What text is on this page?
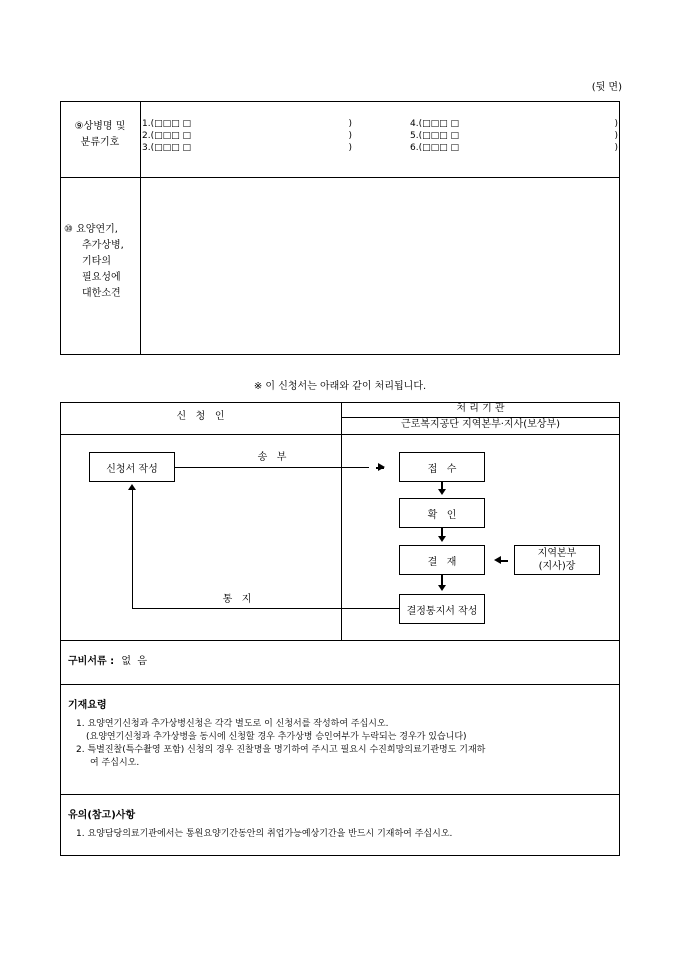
(뒷 면)
⑨상병명 및
분류기호
1.(□□□ □	)
2.(□□□ □	)
3.(□□□ □	)
4.(□□□ □	)
5.(□□□ □	)
6.(□□□ □	)
⑩ 요양연기,
추가상병,
기타의
필요성에
대한소견
※ 이 신청서는 아래와 같이 처리됩니다.
신   청   인
처 리 기 관
근로복지공단 지역본부·지사(보상부)
신청서 작성	접   수
확   인
결   재
지역본부
(지사)장
결정통지서 작성
송   부
통   지
구비서류 : 없  음
기재요령
1. 요양연기신청과 추가상병신청은 각각 별도로 이 신청서를 작성하여 주십시오.
(요양연기신청과 추가상병을 동시에 신청할 경우 추가상병 승인여부가 누락되는 경우가 있습니다)
2. 특별진찰(특수촬영 포함) 신청의 경우 진찰명을 명기하여 주시고 필요시 수진희망의료기관명도 기재하
여 주십시오.
유의(참고)사항
1. 요양담당의료기관에서는 통원요양기간동안의 취업가능예상기간을 반드시 기재하여 주십시오.
